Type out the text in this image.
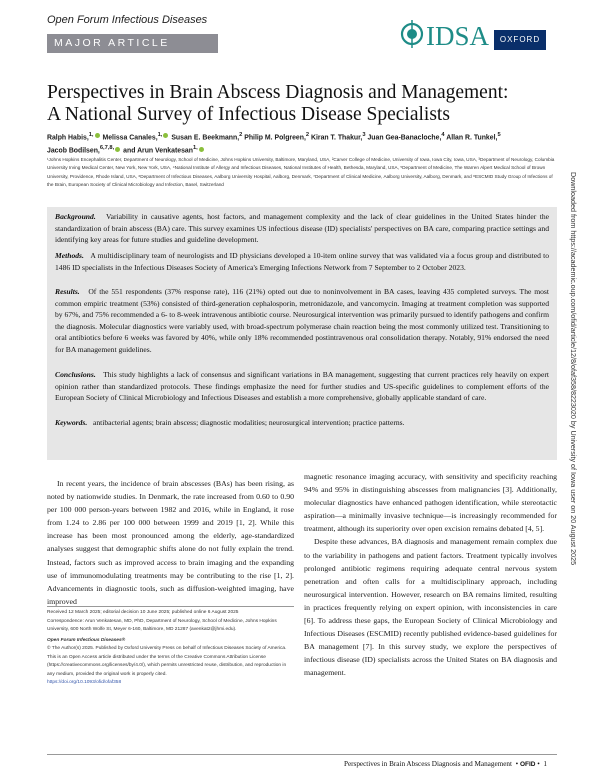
Open Forum Infectious Diseases
MAJOR ARTICLE	IDSA	OXFORD
Perspectives in Brain Abscess Diagnosis and Management:
A National Survey of Infectious Disease Specialists
Ralph Habis,$^{1,}$ Melissa Canales,$^{1,}$ Susan E. Beekmann,$^2$ Philip M. Polgreen,$^2$ Kiran T. Thakur,$^3$ Juan Gea-Banacloche,$^4$ Allan R. Tunkel,$^5$
Jacob Bodilsen,$^{6,7,8,}$ and Arun Venkatesan$^{1,}$
¹Johns Hopkins Encephalitis Center, Department of Neurology, School of Medicine, Johns Hopkins University, Baltimore, Maryland, USA, ²Carver College of Medicine, University of Iowa, Iowa City, Iowa, USA, ³Department of Neurology, Columbia University Irving Medical Center, New York, New York, USA, ⁴National Institute of Allergy and Infectious Diseases, National Institutes of Health, Bethesda, Maryland, USA, ⁵Department of Medicine, The Warren Alpert Medical School of Brown University, Providence, Rhode Island, USA, ⁶Department of Infectious Diseases, Aalborg University Hospital, Aalborg, Denmark, ⁷Department of Clinical Medicine, Aalborg University, Aalborg, Denmark, and ⁸ESCMID Study Group of Infections of the Brain, European Society of Clinical Microbiology and Infection, Basel, Switzerland

Background. Variability in causative agents, host factors, and management complexity and the lack of clear guidelines in the United States hinder the standardization of brain abscess (BA) care. This survey examines US infectious disease (ID) specialists' perspectives on BA care, comparing practice settings and identifying key areas for future studies and guideline development.

Methods. A multidisciplinary team of neurologists and ID physicians developed a 10-item online survey that was validated via a focus group and distributed to 1486 ID specialists in the Infectious Diseases Society of America's Emerging Infections Network from 7 September to 2 October 2023.

Results. Of the 551 respondents (37% response rate), 116 (21%) opted out due to noninvolvement in BA cases, leaving 435 completed surveys. The most common empiric treatment (53%) consisted of third-generation cephalosporin, metronidazole, and vancomycin. Imaging at treatment completion was supported by 67%, and 75% recommended a 6- to 8-week intravenous antibiotic course. Neurosurgical intervention was primarily pursued to identify pathogens and confirm the diagnosis. Molecular diagnostics were variably used, with broad-spectrum polymerase chain reaction being the most commonly utilized test. Transitioning to oral antibiotics before 6 weeks was favored by 40%, while only 18% recommended postintravenous oral consolidation therapy. Notably, 91% endorsed the need for BA management guidelines.

Conclusions. This study highlights a lack of consensus and significant variations in BA management, suggesting that current practices rely heavily on expert opinion rather than standardized protocols. These findings emphasize the need for further studies and US-specific guidelines to complement efforts of the European Society of Clinical Microbiology and Infectious Diseases and establish a more comprehensive, globally applicable standard of care.

Keywords. antibacterial agents; brain abscess; diagnostic modalities; neurosurgical intervention; practice patterns.

In recent years, the incidence of brain abscesses (BAs) has been rising, as noted by nationwide studies. In Denmark, the rate increased from 0.60 to 0.90 per 100 000 person-years between 1982 and 2016, while in England, it rose from 1.24 to 2.86 per 100 000 between 1999 and 2019 [1, 2]. While this increase has been most pronounced among the elderly, age-standardized analyses suggest that demographic shifts alone do not fully explain the trend. Instead, factors such as improved access to brain imaging and the expanding use of immunomodulating treatments may be contributing to the rise [1, 2]. Advancements in diagnostic tools, such as diffusion-weighted imaging, have improved

magnetic resonance imaging accuracy, with sensitivity and specificity reaching 94% and 95% in distinguishing abscesses from malignancies [3]. Additionally, molecular diagnostics have enhanced pathogen identification, while stereotactic aspiration—a minimally invasive technique—is increasingly recommended for treatment, although its superiority over open excision remains debated [4, 5].

Despite these advances, BA diagnosis and management remain complex due to the variability in pathogens and patient factors. Treatment typically involves prolonged antibiotic regimens requiring adequate central nervous system penetration and often calls for a multidisciplinary approach, including neurosurgical intervention. However, research on BA remains limited, resulting in practices frequently relying on expert opinion, with inconsistencies in care [6]. To address these gaps, the European Society of Clinical Microbiology and Infectious Diseases (ESCMID) recently published evidence-based guidelines for BA management [7]. In this survey study, we explore the perspectives of infectious disease (ID) specialists across the United States on BA diagnosis and management.

Received 12 March 2025; editorial decision 10 June 2025; published online 6 August 2025
Correspondence: Arun Venkatesan, MD, PhD, Department of Neurology, School of Medicine, Johns Hopkins University, 600 North Wolfe St, Meyer 6-160, Baltimore, MD 21287 (avenkat2@jhmi.edu).
Open Forum Infectious Diseases®
© The Author(s) 2025. Published by Oxford University Press on behalf of Infectious Diseases Society of America. This is an Open Access article distributed under the terms of the Creative Commons Attribution License (https://creativecommons.org/licenses/by/4.0/), which permits unrestricted reuse, distribution, and reproduction in any medium, provided the original work is properly cited.
https://doi.org/10.1093/ofid/ofaf358
Downloaded from https://academic.oup.com/ofid/article/12/8/ofaf358/8223020 by University of Iowa user on 20 August 2025
Perspectives in Brain Abscess Diagnosis and Management  • OFID •  1
